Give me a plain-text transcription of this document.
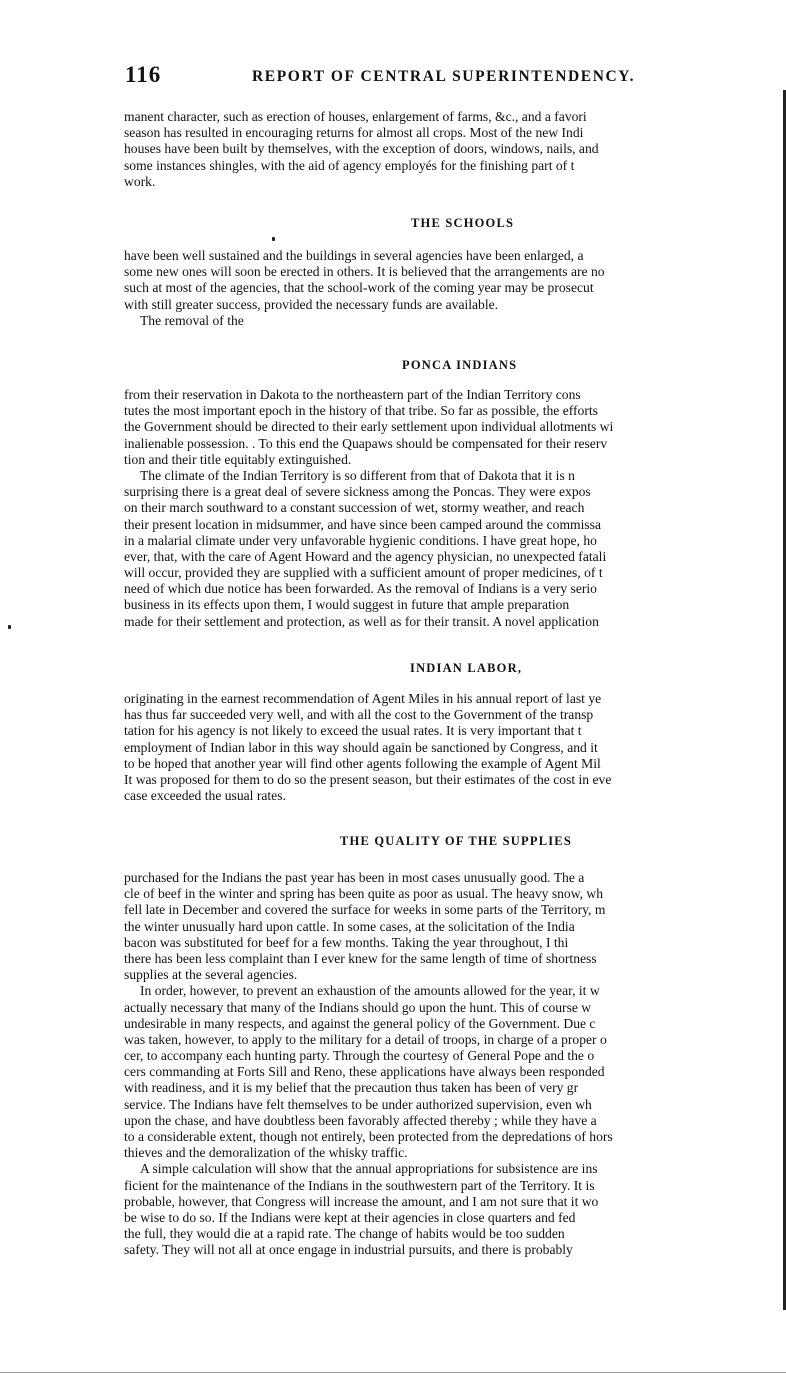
116	REPORT OF CENTRAL SUPERINTENDENCY.
manent character, such as erection of houses, enlargement of farms, &c., and a favori
season has resulted in encouraging returns for almost all crops. Most of the new Indi
houses have been built by themselves, with the exception of doors, windows, nails, and
some instances shingles, with the aid of agency employés for the finishing part of t
work.
THE SCHOOLS
have been well sustained and the buildings in several agencies have been enlarged, a
some new ones will soon be erected in others. It is believed that the arrangements are no
such at most of the agencies, that the school-work of the coming year may be prosecut
with still greater success, provided the necessary funds are available.
The removal of the
PONCA INDIANS
from their reservation in Dakota to the northeastern part of the Indian Territory cons
tutes the most important epoch in the history of that tribe. So far as possible, the efforts
the Government should be directed to their early settlement upon individual allotments wi
inalienable possession. . To this end the Quapaws should be compensated for their reserv
tion and their title equitably extinguished.
The climate of the Indian Territory is so different from that of Dakota that it is n
surprising there is a great deal of severe sickness among the Poncas. They were expos
on their march southward to a constant succession of wet, stormy weather, and reach
their present location in midsummer, and have since been camped around the commissa
in a malarial climate under very unfavorable hygienic conditions. I have great hope, ho
ever, that, with the care of Agent Howard and the agency physician, no unexpected fatali
will occur, provided they are supplied with a sufficient amount of proper medicines, of t
need of which due notice has been forwarded. As the removal of Indians is a very serio
business in its effects upon them, I would suggest in future that ample preparation
made for their settlement and protection, as well as for their transit. A novel application
INDIAN LABOR,
originating in the earnest recommendation of Agent Miles in his annual report of last ye
has thus far succeeded very well, and with all the cost to the Government of the transp
tation for his agency is not likely to exceed the usual rates. It is very important that t
employment of Indian labor in this way should again be sanctioned by Congress, and it
to be hoped that another year will find other agents following the example of Agent Mil
It was proposed for them to do so the present season, but their estimates of the cost in eve
case exceeded the usual rates.
THE QUALITY OF THE SUPPLIES
purchased for the Indians the past year has been in most cases unusually good. The a
cle of beef in the winter and spring has been quite as poor as usual. The heavy snow, wh
fell late in December and covered the surface for weeks in some parts of the Territory, m
the winter unusually hard upon cattle. In some cases, at the solicitation of the India
bacon was substituted for beef for a few months. Taking the year throughout, I thi
there has been less complaint than I ever knew for the same length of time of shortness
supplies at the several agencies.
In order, however, to prevent an exhaustion of the amounts allowed for the year, it w
actually necessary that many of the Indians should go upon the hunt. This of course w
undesirable in many respects, and against the general policy of the Government. Due c
was taken, however, to apply to the military for a detail of troops, in charge of a proper o
cer, to accompany each hunting party. Through the courtesy of General Pope and the o
cers commanding at Forts Sill and Reno, these applications have always been responded
with readiness, and it is my belief that the precaution thus taken has been of very gr
service. The Indians have felt themselves to be under authorized supervision, even wh
upon the chase, and have doubtless been favorably affected thereby ; while they have a
to a considerable extent, though not entirely, been protected from the depredations of hors
thieves and the demoralization of the whisky traffic.
A simple calculation will show that the annual appropriations for subsistence are ins
ficient for the maintenance of the Indians in the southwestern part of the Territory. It is
probable, however, that Congress will increase the amount, and I am not sure that it wo
be wise to do so. If the Indians were kept at their agencies in close quarters and fed
the full, they would die at a rapid rate. The change of habits would be too sudden
safety. They will not all at once engage in industrial pursuits, and there is probably
